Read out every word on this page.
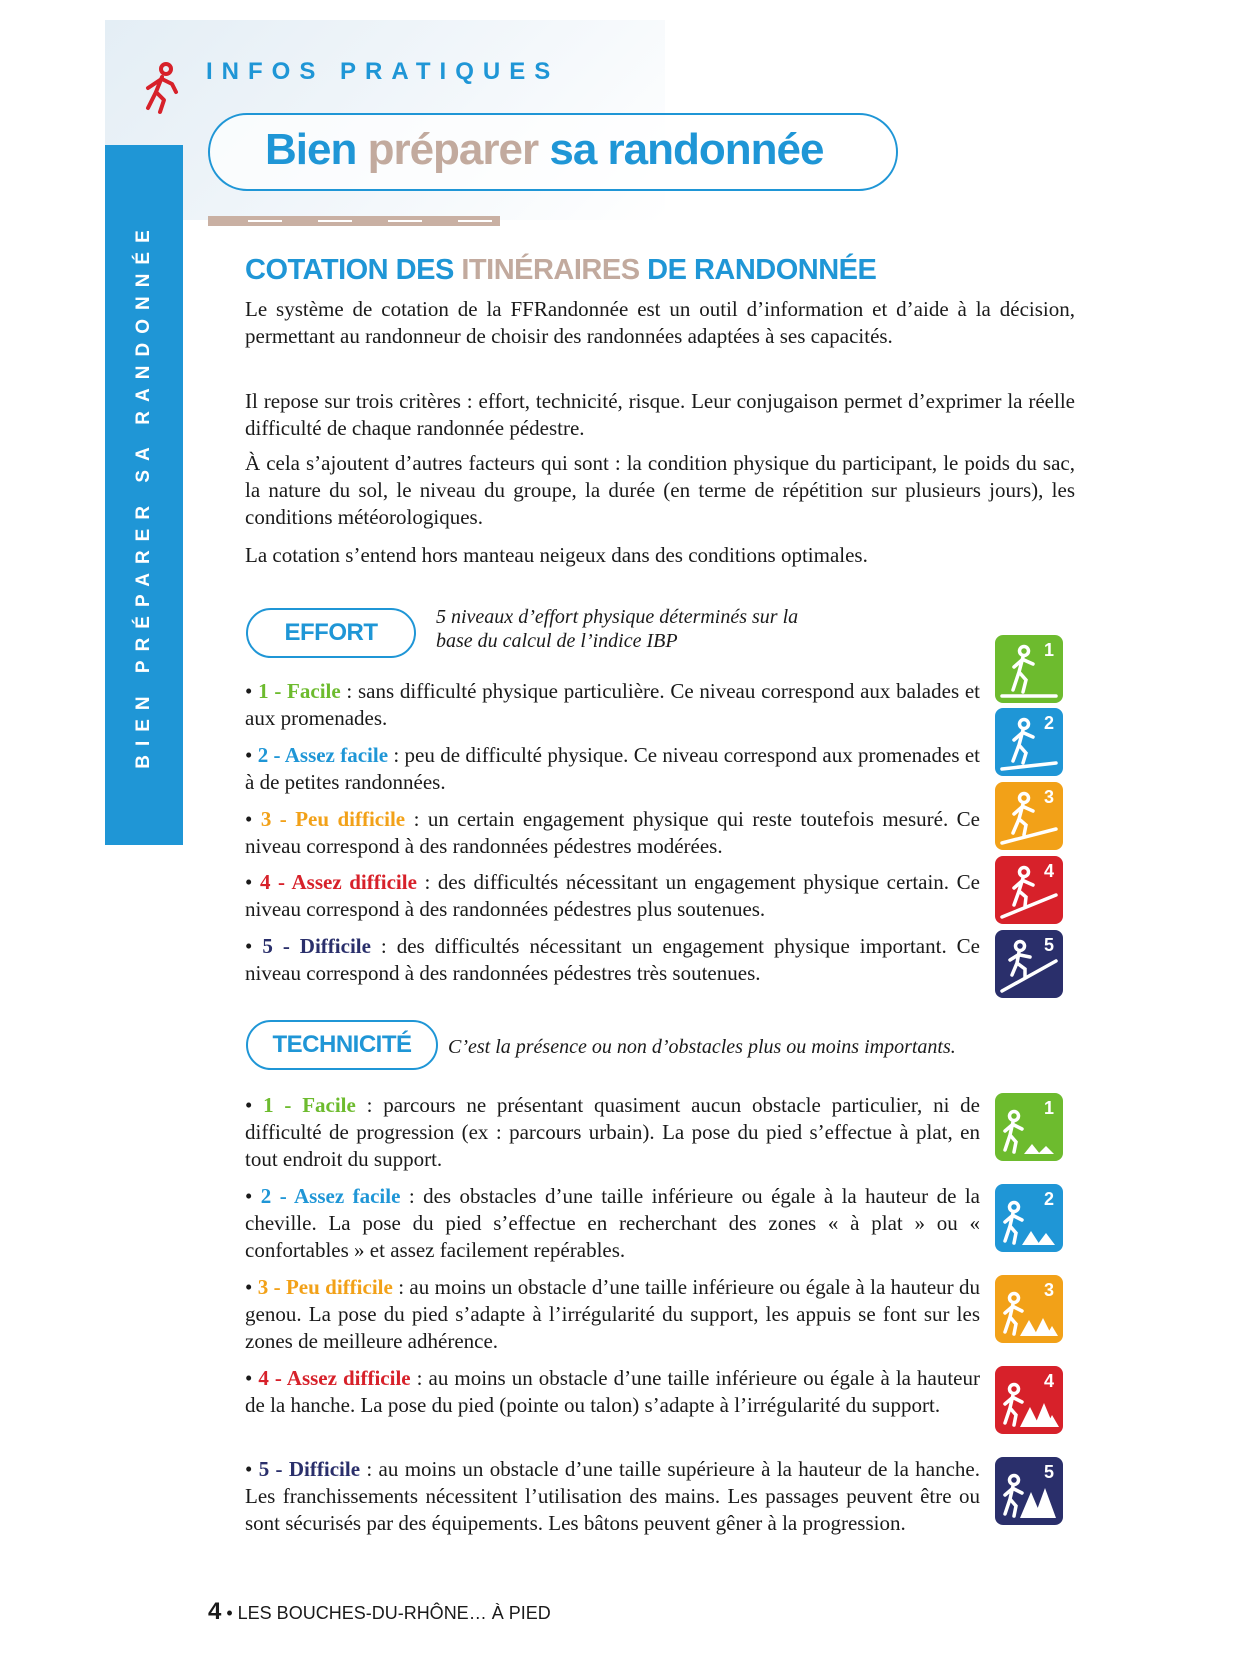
BIEN PRÉPARER SA RANDONNÉE
INFOS PRATIQUES
Bien préparer sa randonnée
COTATION DES ITINÉRAIRES DE RANDONNÉE

Le système de cotation de la FFRandonnée est un outil d’information et d’aide à la décision, permettant au randonneur de choisir des randonnées adaptées à ses capacités.

Il repose sur trois critères : effort, technicité, risque. Leur conjugaison permet d’exprimer la réelle difficulté de chaque randonnée pédestre.

À cela s’ajoutent d’autres facteurs qui sont : la condition physique du participant, le poids du sac, la nature du sol, le niveau du groupe, la durée (en terme de répétition sur plusieurs jours), les conditions météorologiques.

La cotation s’entend hors manteau neigeux dans des conditions optimales.

EFFORT
5 niveaux d’effort physique déterminés sur la base du calcul de l’indice IBP

• 1 - Facile : sans difficulté physique particulière. Ce niveau correspond aux balades et aux promenades.

• 2 - Assez facile : peu de difficulté physique. Ce niveau correspond aux promenades et à de petites randonnées.

• 3 - Peu difficile : un certain engagement physique qui reste toutefois mesuré. Ce niveau correspond à des randonnées pédestres modérées.

• 4 - Assez difficile : des difficultés nécessitant un engagement physique certain. Ce niveau correspond à des randonnées pédestres plus soutenues.

• 5 - Difficile : des difficultés nécessitant un engagement physique important. Ce niveau correspond à des randonnées pédestres très soutenues.

1
2
3
4
5
TECHNICITÉ	C’est la présence ou non d’obstacles plus ou moins importants.

• 1 - Facile : parcours ne présentant quasiment aucun obstacle particulier, ni de difficulté de progression (ex : parcours urbain). La pose du pied s’effectue à plat, en tout endroit du support.

• 2 - Assez facile : des obstacles d’une taille inférieure ou égale à la hauteur de la cheville. La pose du pied s’effectue en recherchant des zones « à plat » ou « confortables » et assez facilement repérables.

• 3 - Peu difficile : au moins un obstacle d’une taille inférieure ou égale à la hauteur du genou. La pose du pied s’adapte à l’irrégularité du support, les appuis se font sur les zones de meilleure adhérence.

• 4 - Assez difficile : au moins un obstacle d’une taille inférieure ou égale à la hauteur de la hanche. La pose du pied (pointe ou talon) s’adapte à l’irrégularité du support.

• 5 - Difficile : au moins un obstacle d’une taille supérieure à la hauteur de la hanche. Les franchissements nécessitent l’utilisation des mains. Les passages peuvent être ou sont sécurisés par des équipements. Les bâtons peuvent gêner à la progression.

1
2
3
4
5
4 • LES BOUCHES-DU-RHÔNE… À PIED
